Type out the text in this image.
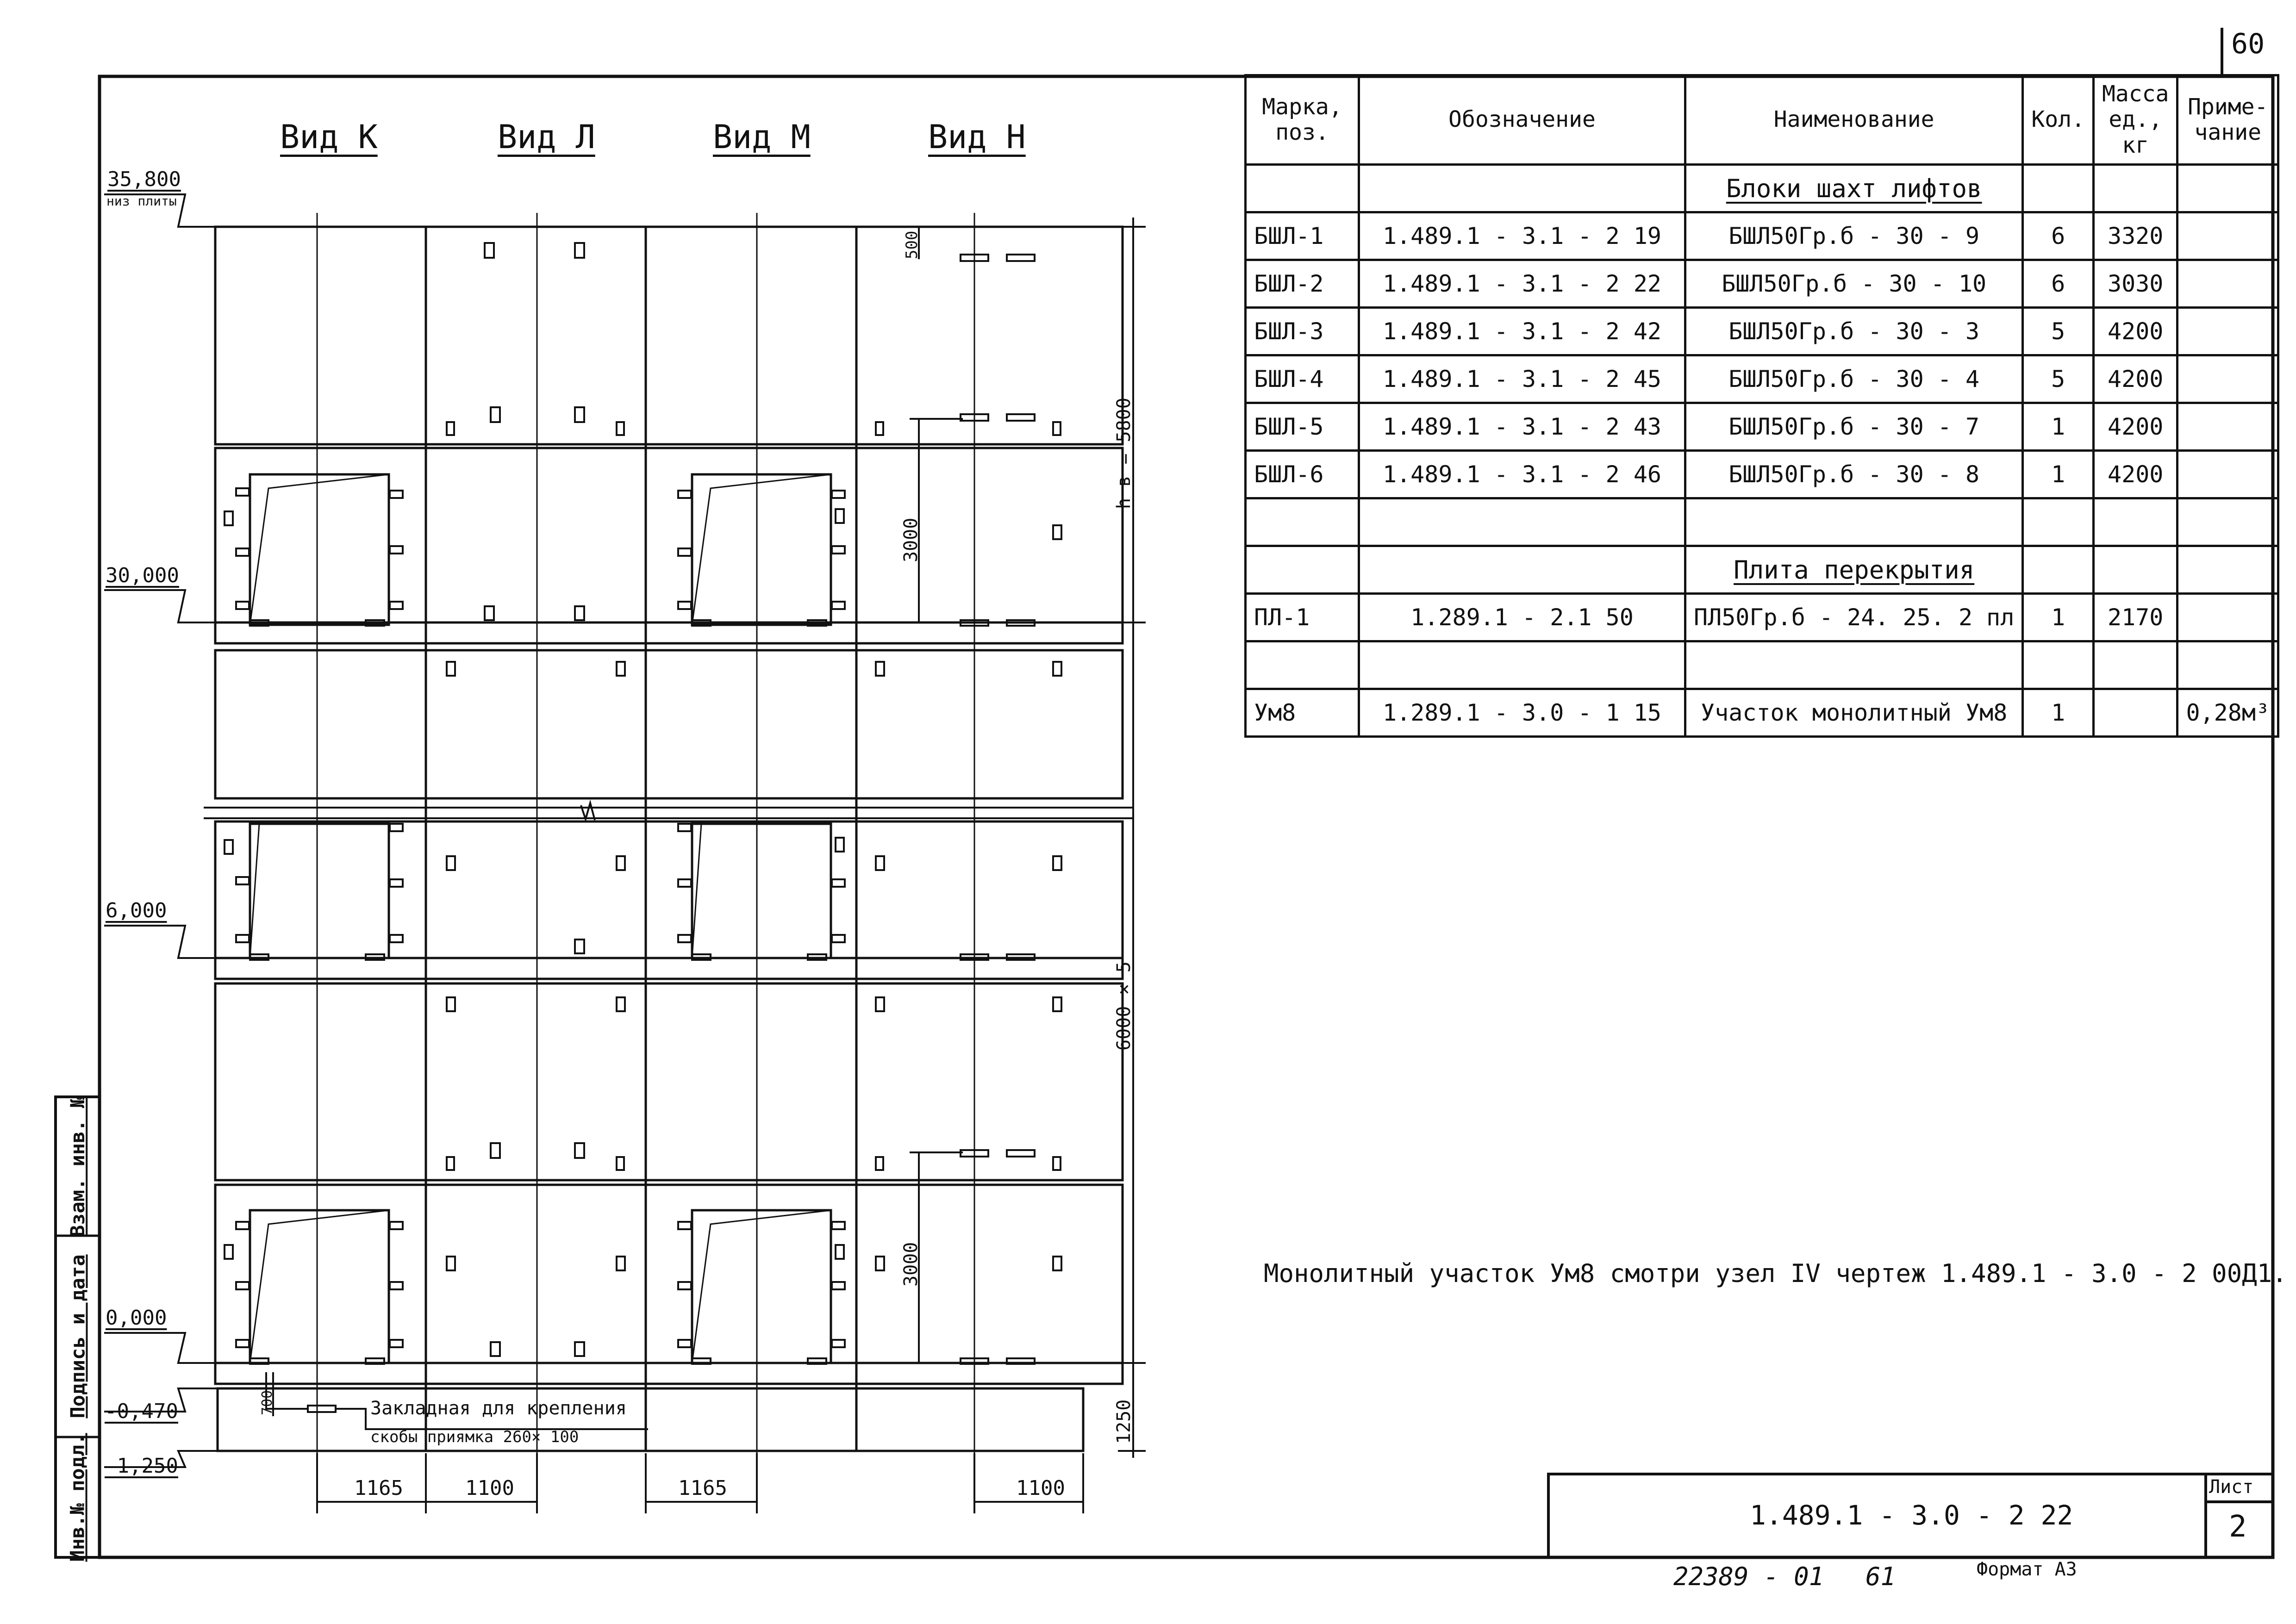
60
Вид К	Вид Л	Вид М	Вид Н
35,800
низ плиты
30,000
6,000
0,000
-0,470
-1,250
500
h в = 5800
3000
6000 × 5
3000
700	1250
1165	1100	1165	1100
Закладная для крепления
скобы приямка 260× 100
Марка, поз.	Обозначение	Наименование	Кол.	Масса ед., кг	Приме- чание
		Блоки шахт лифтов			
БШЛ-1	1.489.1 - 3.1 - 2 19	БШЛ50Гр.б - 30 - 9	6	3320	
БШЛ-2	1.489.1 - 3.1 - 2 22	БШЛ50Гр.б - 30 - 10	6	3030	
БШЛ-3	1.489.1 - 3.1 - 2 42	БШЛ50Гр.б - 30 - 3	5	4200	
БШЛ-4	1.489.1 - 3.1 - 2 45	БШЛ50Гр.б - 30 - 4	5	4200	
БШЛ-5	1.489.1 - 3.1 - 2 43	БШЛ50Гр.б - 30 - 7	1	4200	
БШЛ-6	1.489.1 - 3.1 - 2 46	БШЛ50Гр.б - 30 - 8	1	4200	

		Плита перекрытия			
ПЛ-1	1.289.1 - 2.1 50	ПЛ50Гр.б - 24. 25. 2 пл	1	2170	

Ум8	1.289.1 - 3.0 - 1 15	Участок монолитный Ум8	1		0,28м³
Монолитный участок Ум8 смотри узел IV чертеж 1.489.1 - 3.0 - 2 00Д1.
1.489.1 - 3.0 - 2 22
Лист
2
22389 - 01 61	Формат А3
Взам. инв. №
Подпись и дата
Инв.№ подл.
